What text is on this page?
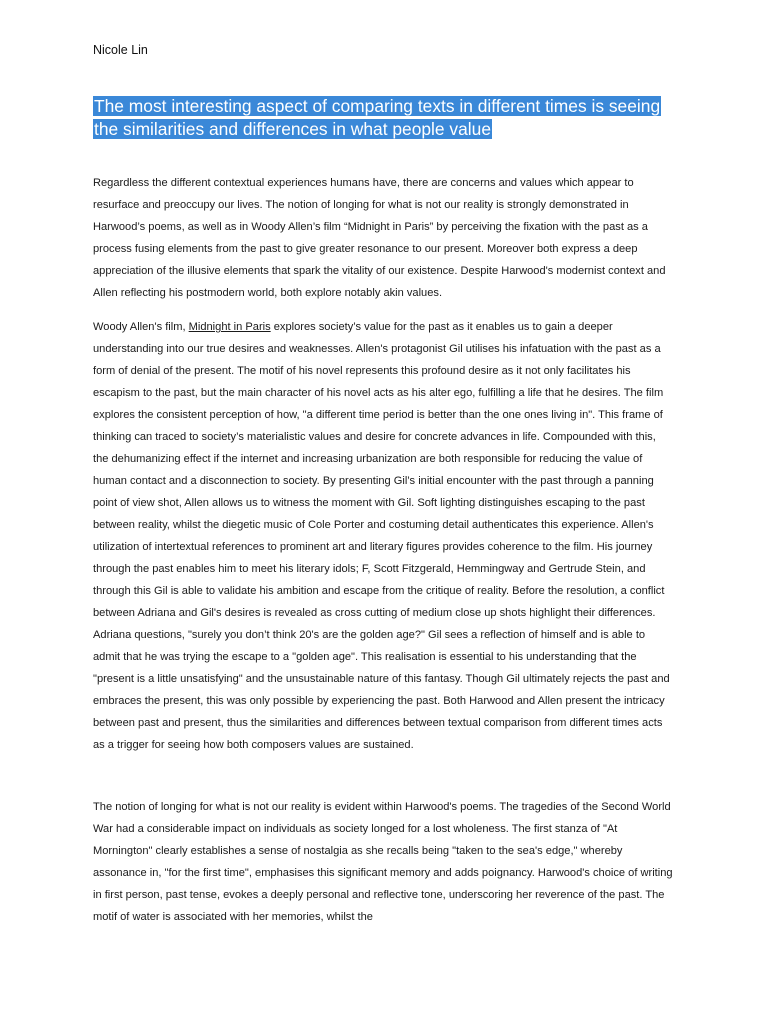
Nicole Lin

The most interesting aspect of comparing texts in different times is seeing the similarities and differences in what people value

Regardless the different contextual experiences humans have, there are concerns and values which appear to resurface and preoccupy our lives. The notion of longing for what is not our reality is strongly demonstrated in Harwood’s poems, as well as in Woody Allen’s film “Midnight in Paris” by perceiving the fixation with the past as a process fusing elements from the past to give greater resonance to our present. Moreover both express a deep appreciation of the illusive elements that spark the vitality of our existence. Despite Harwood's modernist context and Allen reflecting his postmodern world, both explore notably akin values.

Woody Allen's film, Midnight in Paris explores society’s value for the past as it enables us to gain a deeper understanding into our true desires and weaknesses. Allen's protagonist Gil utilises his infatuation with the past as a form of denial of the present. The motif of his novel represents this profound desire as it not only facilitates his escapism to the past, but the main character of his novel acts as his alter ego, fulfilling a life that he desires. The film explores the consistent perception of how, "a different time period is better than the one ones living in". This frame of thinking can traced to society’s materialistic values and desire for concrete advances in life. Compounded with this, the dehumanizing effect if the internet and increasing urbanization are both responsible for reducing the value of human contact and a disconnection to society. By presenting Gil’s initial encounter with the past through a panning point of view shot, Allen allows us to witness the moment with Gil. Soft lighting distinguishes escaping to the past between reality, whilst the diegetic music of Cole Porter and costuming detail authenticates this experience. Allen's utilization of intertextual references to prominent art and literary figures provides coherence to the film. His journey through the past enables him to meet his literary idols; F, Scott Fitzgerald, Hemmingway and Gertrude Stein, and through this Gil is able to validate his ambition and escape from the critique of reality. Before the resolution, a conflict between Adriana and Gil's desires is revealed as cross cutting of medium close up shots highlight their differences. Adriana questions, "surely you don’t think 20's are the golden age?" Gil sees a reflection of himself and is able to admit that he was trying the escape to a "golden age". This realisation is essential to his understanding that the "present is a little unsatisfying" and the unsustainable nature of this fantasy. Though Gil ultimately rejects the past and embraces the present, this was only possible by experiencing the past. Both Harwood and Allen present the intricacy between past and present, thus the similarities and differences between textual comparison from different times acts as a trigger for seeing how both composers values are sustained.

The notion of longing for what is not our reality is evident within Harwood's poems. The tragedies of the Second World War had a considerable impact on individuals as society longed for a lost wholeness. The first stanza of "At Mornington" clearly establishes a sense of nostalgia as she recalls being "taken to the sea's edge," whereby assonance in, "for the first time", emphasises this significant memory and adds poignancy. Harwood's choice of writing in first person, past tense, evokes a deeply personal and reflective tone, underscoring her reverence of the past. The motif of water is associated with her memories, whilst the
